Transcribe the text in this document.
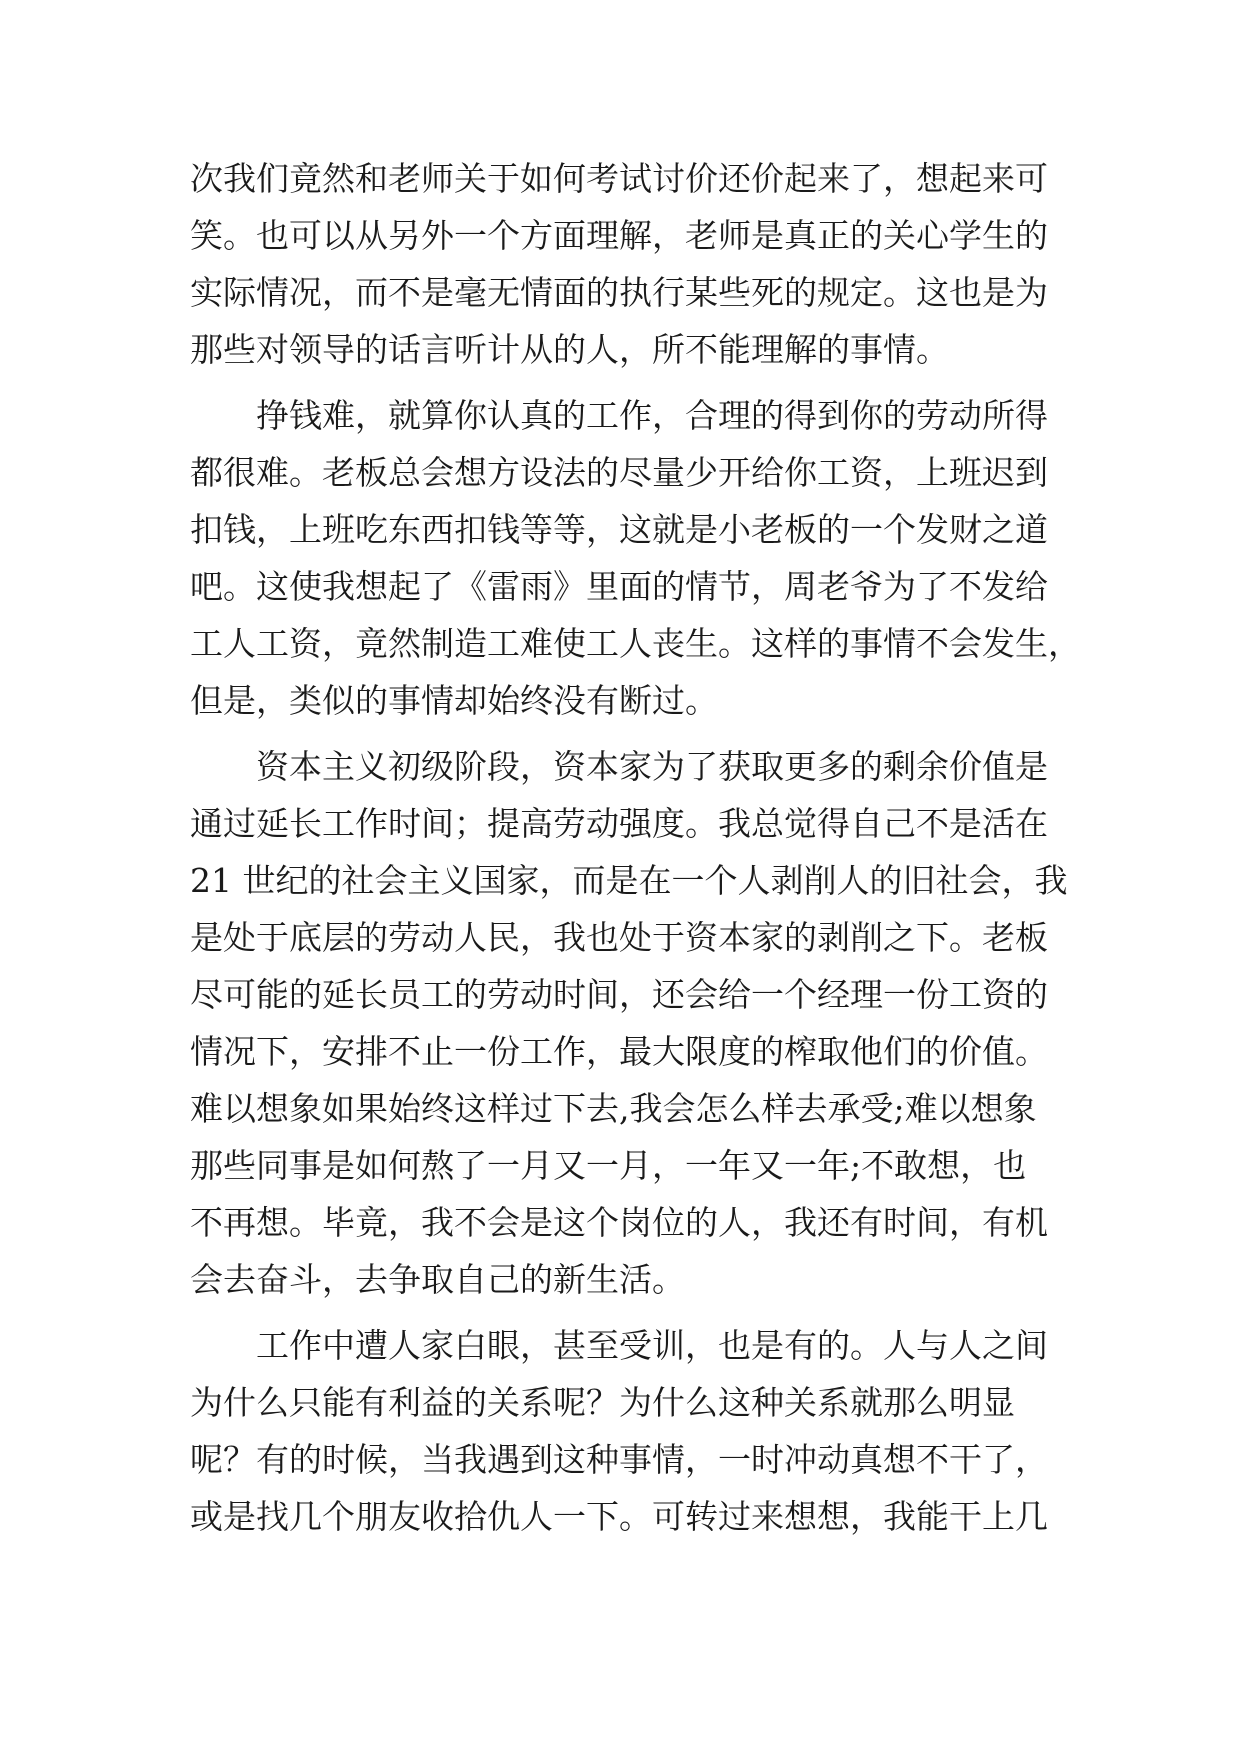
次我们竟然和老师关于如何考试讨价还价起来了，想起来可
笑。也可以从另外一个方面理解，老师是真正的关心学生的
实际情况，而不是毫无情面的执行某些死的规定。这也是为
那些对领导的话言听计从的人，所不能理解的事情。
挣钱难，就算你认真的工作，合理的得到你的劳动所得
都很难。老板总会想方设法的尽量少开给你工资，上班迟到
扣钱，上班吃东西扣钱等等，这就是小老板的一个发财之道
吧。这使我想起了《雷雨》里面的情节，周老爷为了不发给
工人工资，竟然制造工难使工人丧生。这样的事情不会发生，
但是，类似的事情却始终没有断过。
资本主义初级阶段，资本家为了获取更多的剩余价值是
通过延长工作时间；提高劳动强度。我总觉得自己不是活在
21 世纪的社会主义国家，而是在一个人剥削人的旧社会，我
是处于底层的劳动人民，我也处于资本家的剥削之下。老板
尽可能的延长员工的劳动时间，还会给一个经理一份工资的
情况下，安排不止一份工作，最大限度的榨取他们的价值。
难以想象如果始终这样过下去,我会怎么样去承受;难以想象
那些同事是如何熬了一月又一月，一年又一年;不敢想，也
不再想。毕竟，我不会是这个岗位的人，我还有时间，有机
会去奋斗，去争取自己的新生活。
工作中遭人家白眼，甚至受训，也是有的。人与人之间
为什么只能有利益的关系呢？为什么这种关系就那么明显
呢？有的时候，当我遇到这种事情，一时冲动真想不干了，
或是找几个朋友收拾仇人一下。可转过来想想，我能干上几
